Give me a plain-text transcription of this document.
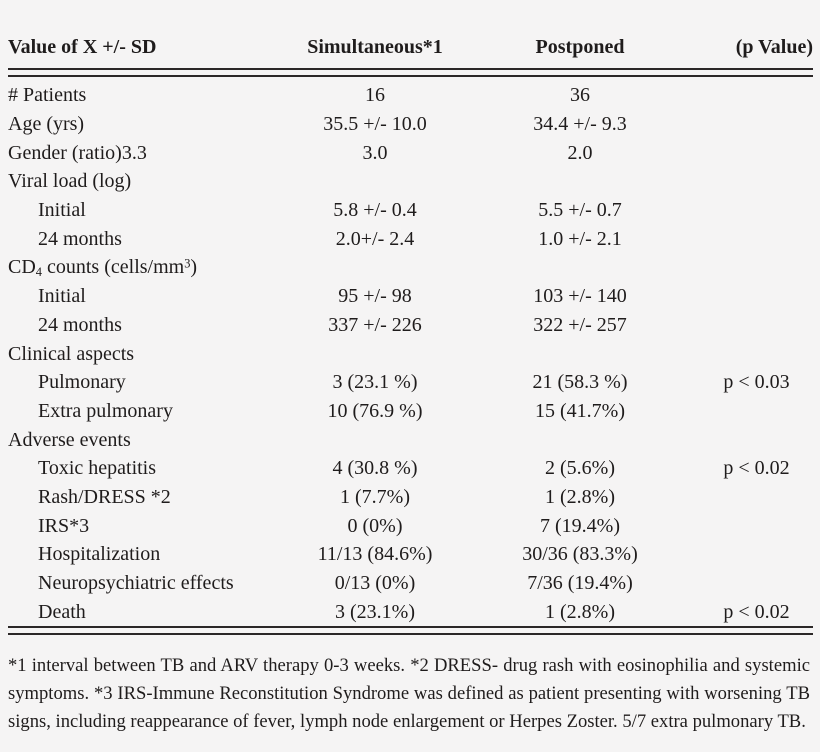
Value of X +/- SD	Simultaneous*1	Postponed	(p Value)
# Patients	16	36
Age (yrs)	35.5 +/- 10.0	34.4 +/- 9.3
Gender (ratio)3.3	3.0	2.0
Viral load (log)
Initial	5.8 +/- 0.4	5.5 +/- 0.7
24 months	2.0+/- 2.4	1.0 +/- 2.1
$CD_4$ counts $(cells/mm^3)$
Initial	95 +/- 98	103 +/- 140
24 months	337 +/- 226	322 +/- 257
Clinical aspects
Pulmonary	3 (23.1 %)	21 (58.3 %)	p < 0.03
Extra pulmonary	10 (76.9 %)	15 (41.7%)
Adverse events
Toxic hepatitis	4 (30.8 %)	2 (5.6%)	p < 0.02
Rash/DRESS *2	1 (7.7%)	1 (2.8%)
IRS*3	0 (0%)	7 (19.4%)
Hospitalization	11/13 (84.6%)	30/36 (83.3%)
Neuropsychiatric effects	0/13 (0%)	7/36 (19.4%)
Death	3 (23.1%)	1 (2.8%)	p < 0.02

*1 interval between TB and ARV therapy 0-3 weeks. *2 DRESS- drug rash with eosinophilia and systemic symptoms. *3 IRS-Immune Reconstitution Syndrome was defined as patient presenting with worsening TB signs, including reappearance of fever, lymph node enlargement or Herpes Zoster. 5/7 extra pulmonary TB.
